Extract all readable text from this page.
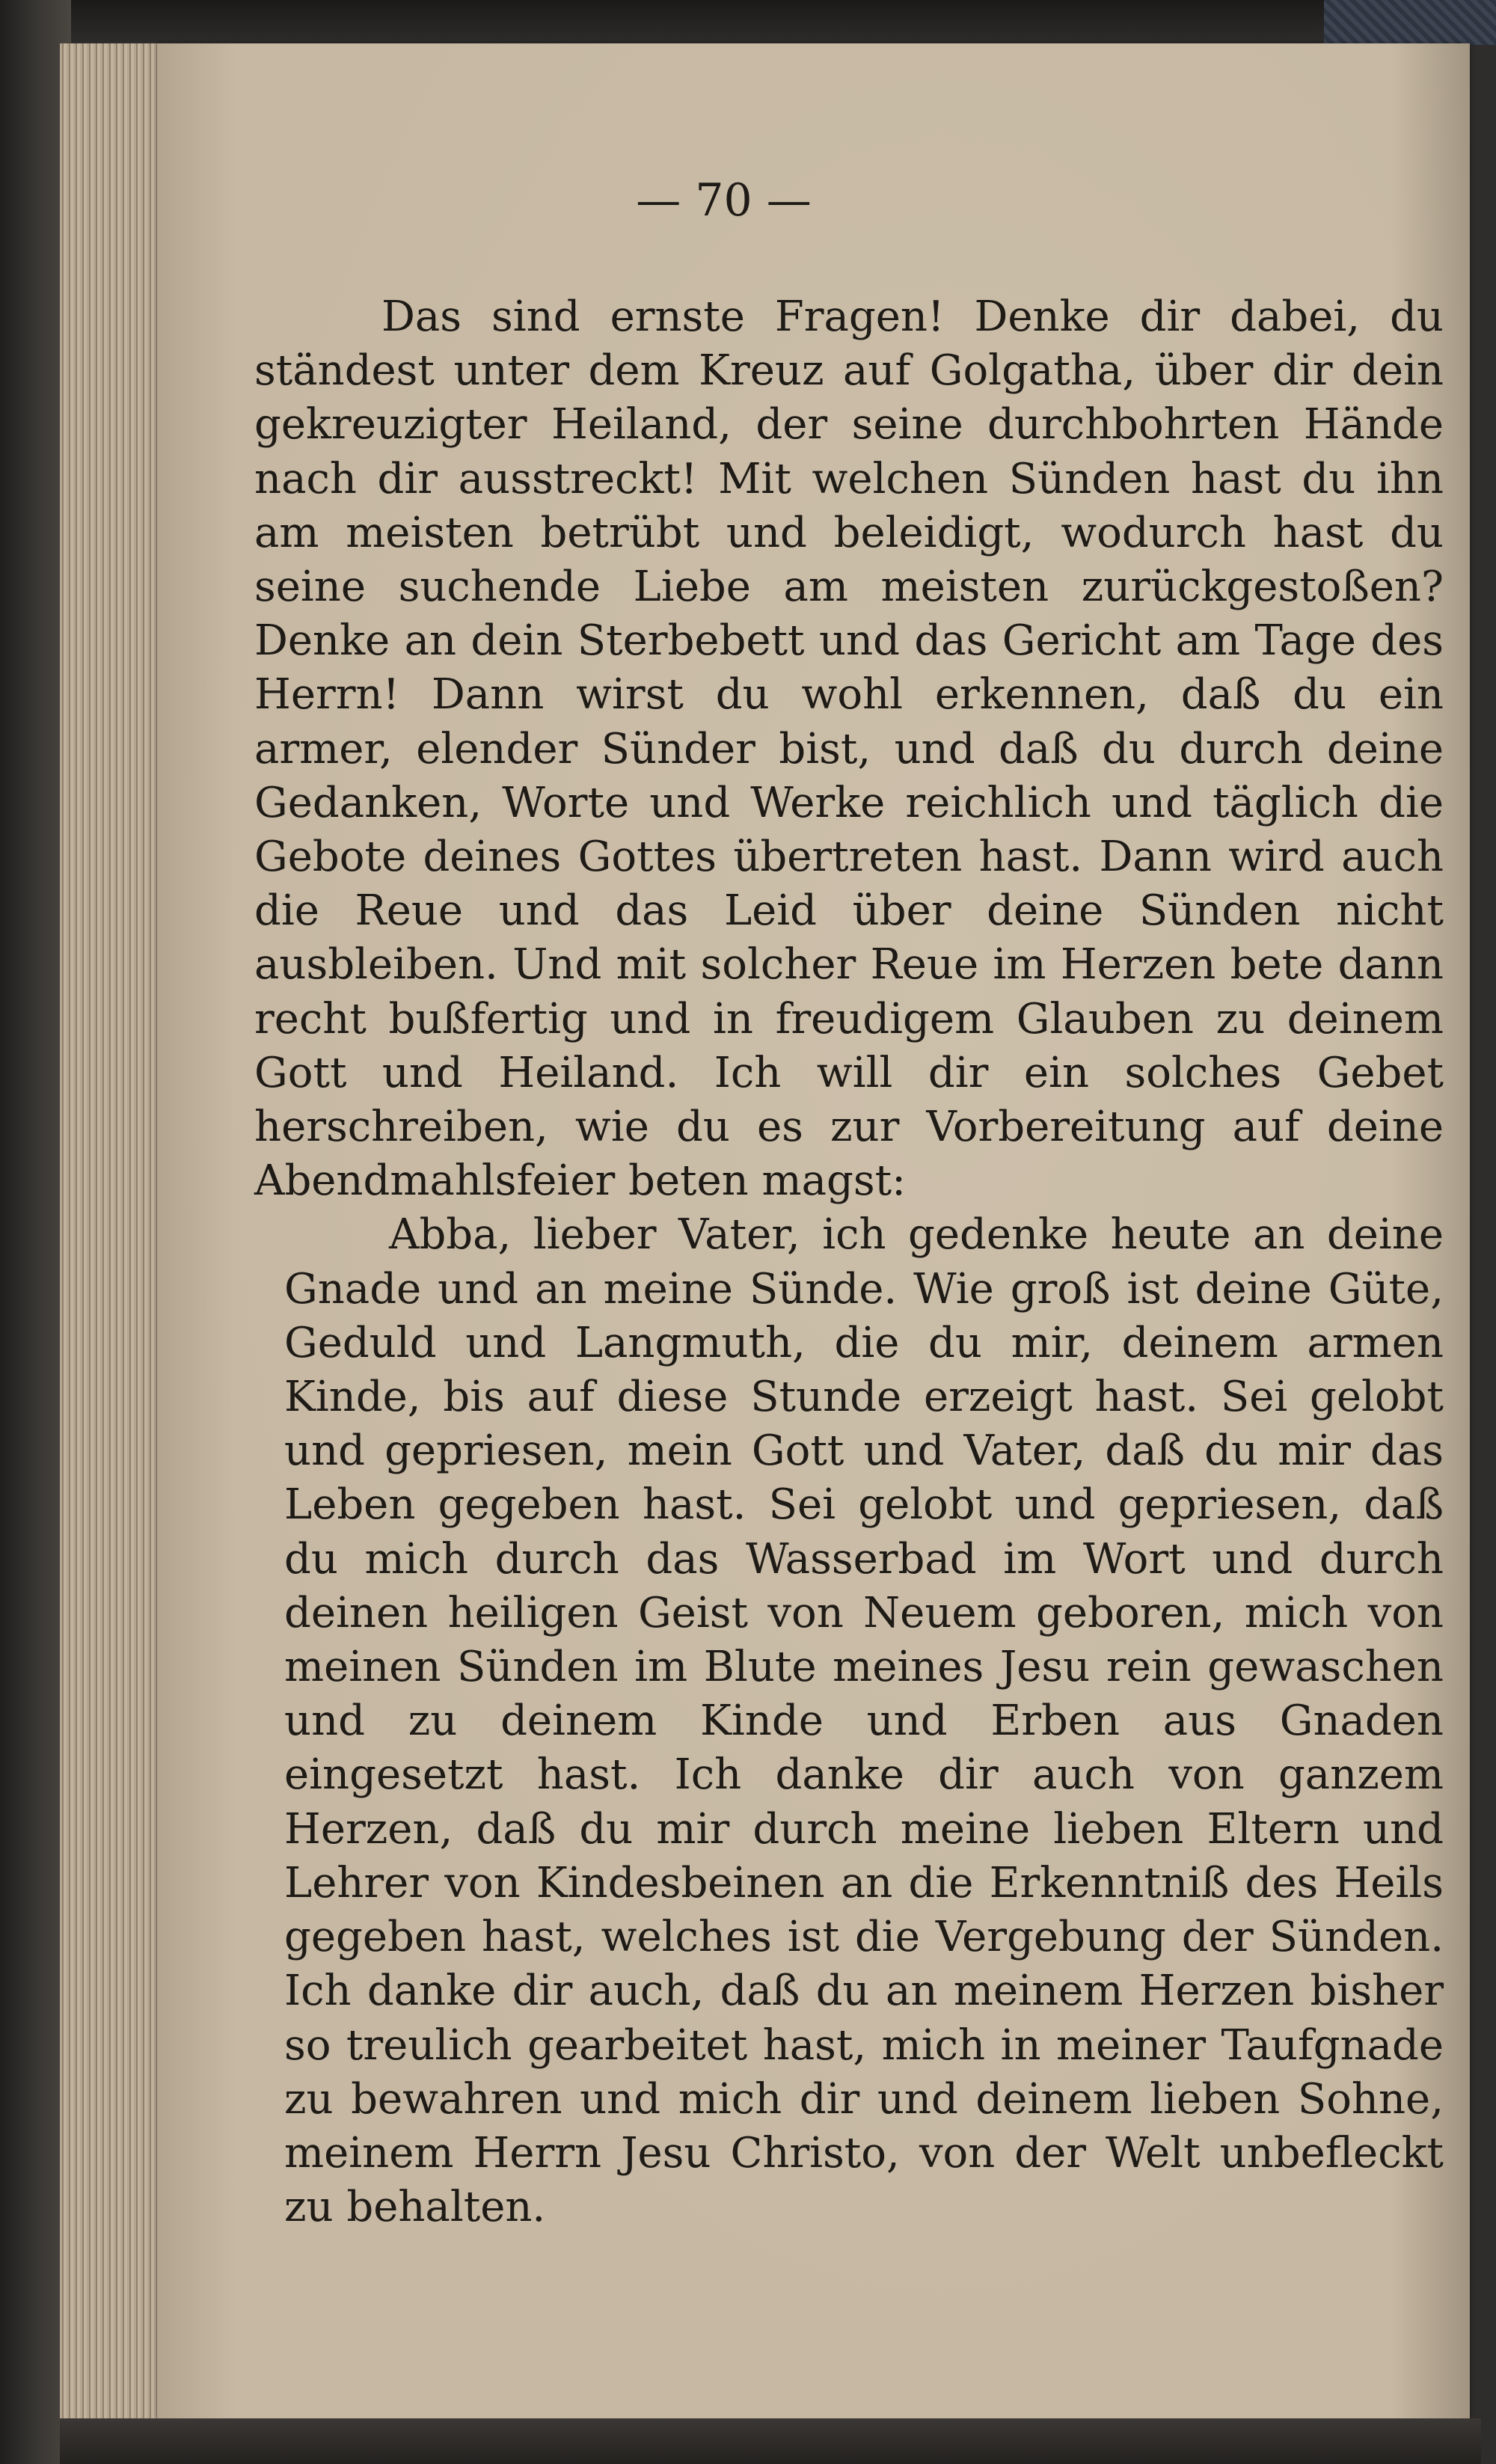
— 70 —

Das sind ernste Fragen! Denke dir dabei, du ständest unter dem Kreuz auf Golgatha, über dir dein gekreuzigter Heiland, der seine durchbohrten Hände nach dir ausstreckt! Mit welchen Sünden hast du ihn am meisten betrübt und beleidigt, wodurch hast du seine suchende Liebe am meisten zurückgestoßen? Denke an dein Sterbebett und das Gericht am Tage des Herrn! Dann wirst du wohl erkennen, daß du ein armer, elender Sünder bist, und daß du durch deine Gedanken, Worte und Werke reichlich und täglich die Gebote deines Gottes übertreten hast. Dann wird auch die Reue und das Leid über deine Sünden nicht ausbleiben. Und mit solcher Reue im Herzen bete dann recht bußfertig und in freudigem Glauben zu deinem Gott und Heiland. Ich will dir ein solches Gebet herschreiben, wie du es zur Vorbereitung auf deine Abendmahlsfeier beten magst:

Abba, lieber Vater, ich gedenke heute an deine Gnade und an meine Sünde. Wie groß ist deine Güte, Geduld und Langmuth, die du mir, deinem armen Kinde, bis auf diese Stunde erzeigt hast. Sei gelobt und gepriesen, mein Gott und Vater, daß du mir das Leben gegeben hast. Sei gelobt und gepriesen, daß du mich durch das Wasserbad im Wort und durch deinen heiligen Geist von Neuem geboren, mich von meinen Sünden im Blute meines Jesu rein gewaschen und zu deinem Kinde und Erben aus Gnaden eingesetzt hast. Ich danke dir auch von ganzem Herzen, daß du mir durch meine lieben Eltern und Lehrer von Kindesbeinen an die Erkenntniß des Heils gegeben hast, welches ist die Vergebung der Sünden. Ich danke dir auch, daß du an meinem Herzen bisher so treulich gearbeitet hast, mich in meiner Taufgnade zu bewahren und mich dir und deinem lieben Sohne, meinem Herrn Jesu Christo, von der Welt unbefleckt zu behalten.
